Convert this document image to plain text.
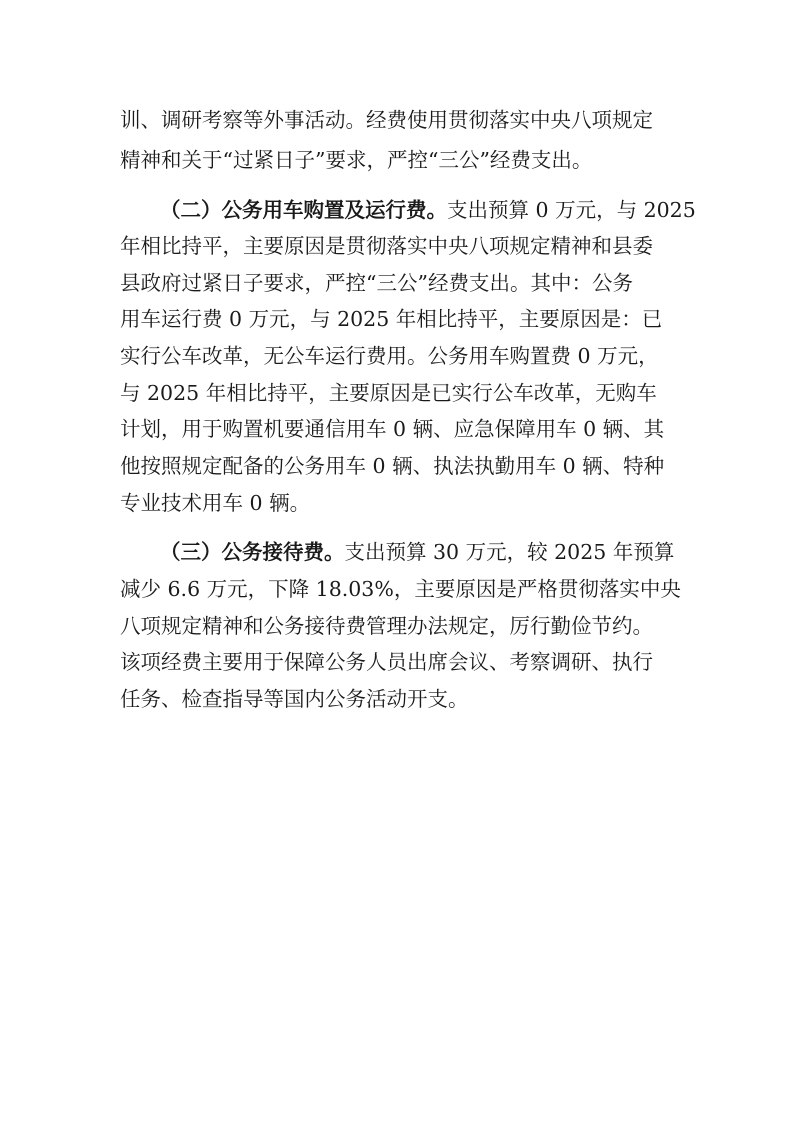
训、调研考察等外事活动。经费使用贯彻落实中央八项规定
精神和关于“过紧日子”要求，严控“三公”经费支出。
（二）公务用车购置及运行费。支出预算 0 万元，与 2025
年相比持平，主要原因是贯彻落实中央八项规定精神和县委
县政府过紧日子要求，严控“三公”经费支出。其中：公务
用车运行费 0 万元，与 2025 年相比持平，主要原因是：已
实行公车改革，无公车运行费用。公务用车购置费 0 万元，
与 2025 年相比持平，主要原因是已实行公车改革，无购车
计划，用于购置机要通信用车 0 辆、应急保障用车 0 辆、其
他按照规定配备的公务用车 0 辆、执法执勤用车 0 辆、特种
专业技术用车 0 辆。
（三）公务接待费。支出预算 30 万元，较 2025 年预算
减少 6.6 万元，下降 18.03%，主要原因是严格贯彻落实中央
八项规定精神和公务接待费管理办法规定，厉行勤俭节约。
该项经费主要用于保障公务人员出席会议、考察调研、执行
任务、检查指导等国内公务活动开支。
